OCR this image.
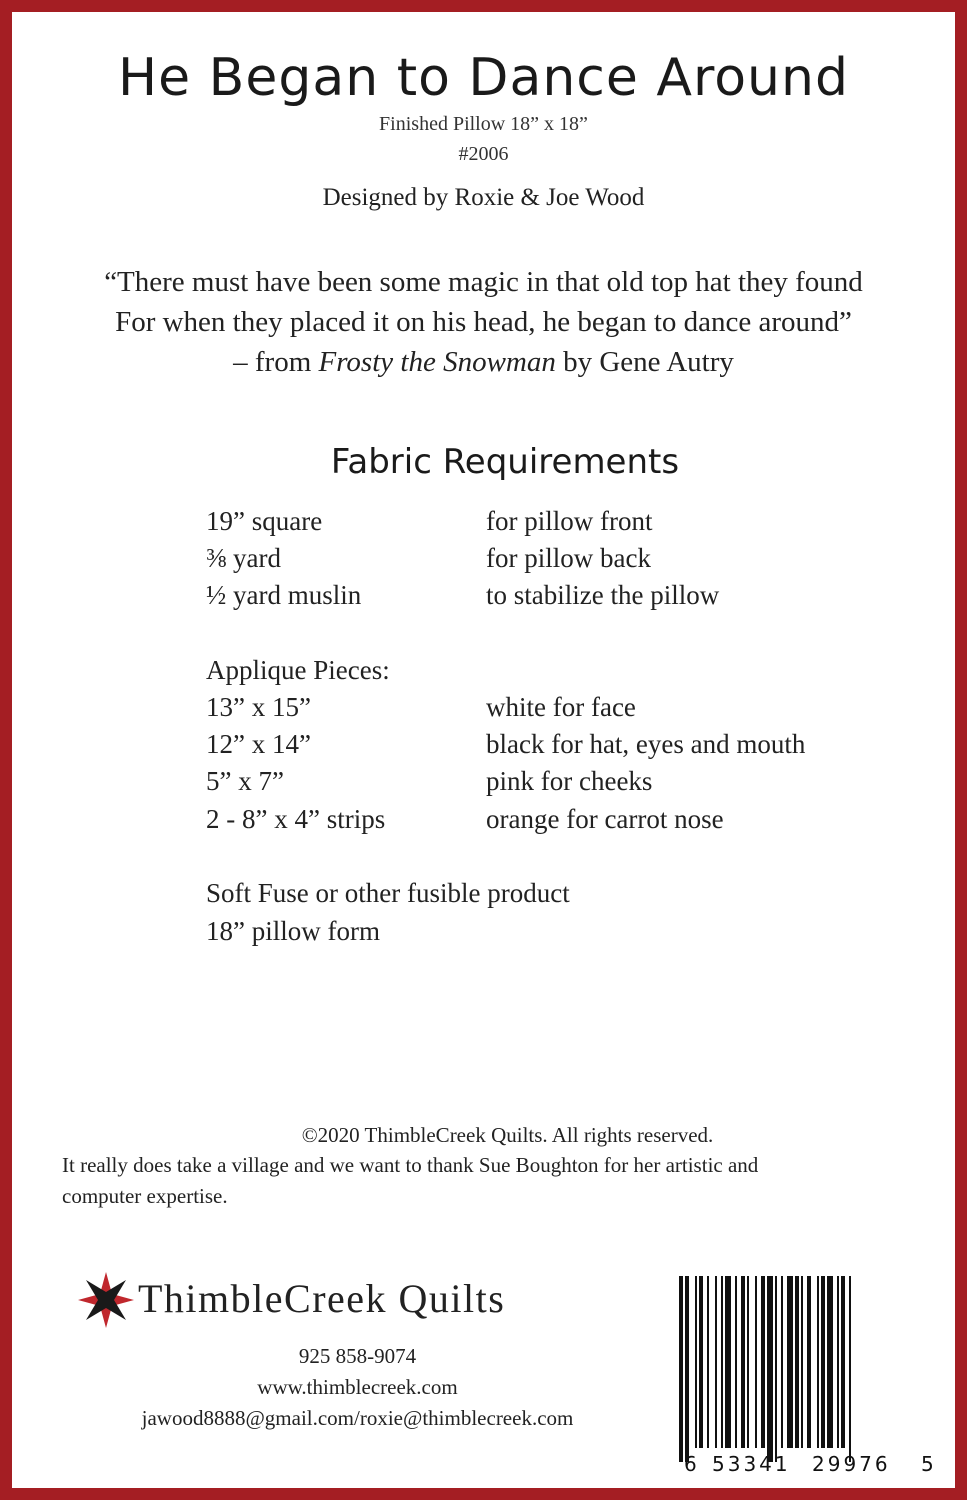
He Began to Dance Around
Finished Pillow 18” x 18”
#2006
Designed by Roxie & Joe Wood
“There must have been some magic in that old top hat they found
For when they placed it on his head, he began to dance around”
– from Frosty the Snowman by Gene Autry
Fabric Requirements
19” square	for pillow front
⅜ yard	for pillow back
½ yard muslin	to stabilize the pillow
Applique Pieces:
13” x 15”	white for face
12” x 14”	black for hat, eyes and mouth
5” x 7”	pink for cheeks
2 - 8” x 4” strips	orange for carrot nose
Soft Fuse or other fusible product
18” pillow form
©2020 ThimbleCreek Quilts. All rights reserved.
It really does take a village and we want to thank Sue Boughton for her artistic and
computer expertise.
ThimbleCreek Quilts
925 858-9074
www.thimblecreek.com
jawood8888@gmail.com/roxie@thimblecreek.com
6 53341 29976 5
